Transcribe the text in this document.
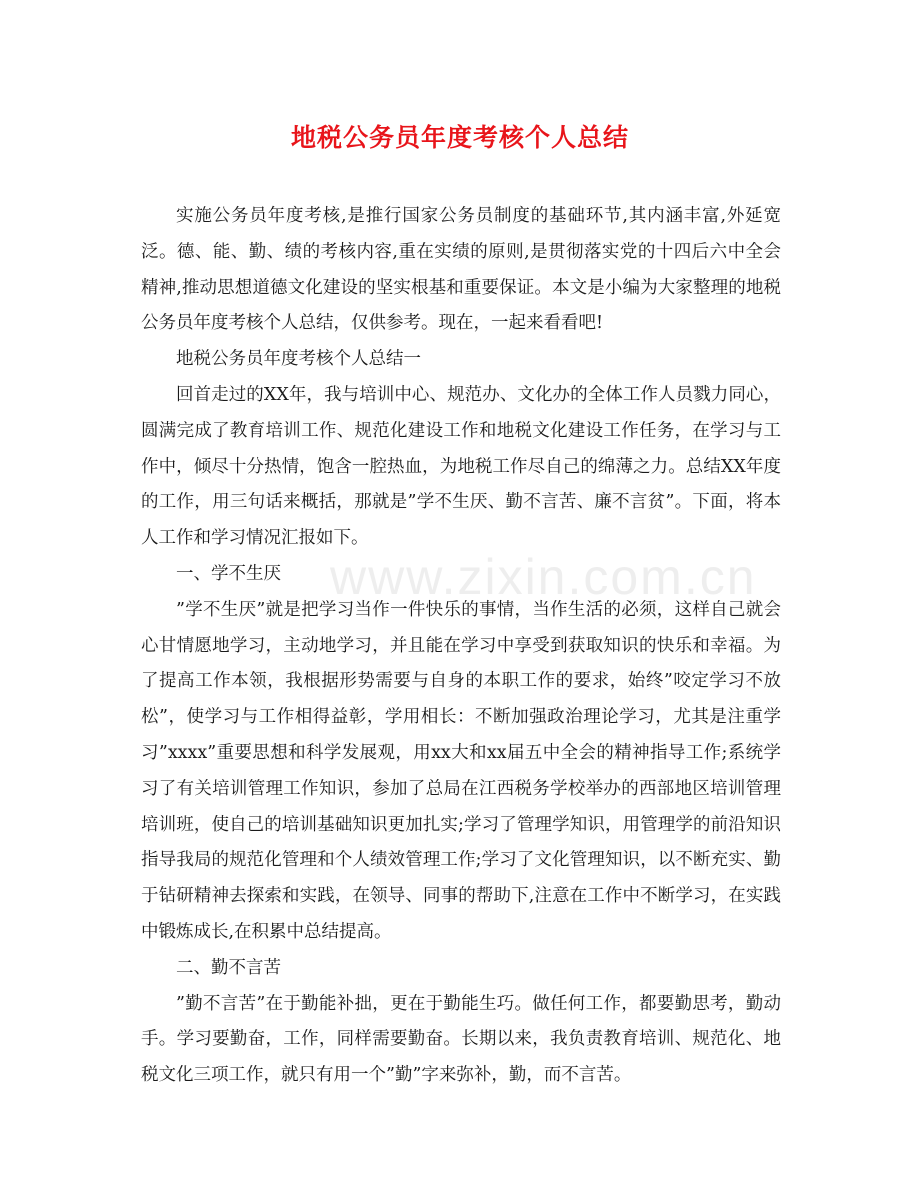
地税公务员年度考核个人总结
www.zixin.com.cn

实施公务员年度考核,是推行国家公务员制度的基础环节,其内涵丰富,外延宽泛。德、能、勤、绩的考核内容,重在实绩的原则,是贯彻落实党的十四后六中全会精神,推动思想道德文化建设的坚实根基和重要保证。本文是小编为大家整理的地税公务员年度考核个人总结，仅供参考。现在，一起来看看吧!

地税公务员年度考核个人总结一

回首走过的XX年，我与培训中心、规范办、文化办的全体工作人员戮力同心，圆满完成了教育培训工作、规范化建设工作和地税文化建设工作任务，在学习与工作中，倾尽十分热情，饱含一腔热血，为地税工作尽自己的绵薄之力。总结XX年度的工作，用三句话来概括，那就是”学不生厌、勤不言苦、廉不言贫”。下面，将本人工作和学习情况汇报如下。

一、学不生厌

”学不生厌”就是把学习当作一件快乐的事情，当作生活的必须，这样自己就会心甘情愿地学习，主动地学习，并且能在学习中享受到获取知识的快乐和幸福。为了提高工作本领，我根据形势需要与自身的本职工作的要求，始终”咬定学习不放松”，使学习与工作相得益彰，学用相长：不断加强政治理论学习，尤其是注重学习”xxxx”重要思想和科学发展观，用xx大和xx届五中全会的精神指导工作;系统学习了有关培训管理工作知识，参加了总局在江西税务学校举办的西部地区培训管理培训班，使自己的培训基础知识更加扎实;学习了管理学知识，用管理学的前沿知识指导我局的规范化管理和个人绩效管理工作;学习了文化管理知识，以不断充实、勤于钻研精神去探索和实践，在领导、同事的帮助下,注意在工作中不断学习，在实践中锻炼成长,在积累中总结提高。

二、勤不言苦

”勤不言苦”在于勤能补拙，更在于勤能生巧。做任何工作，都要勤思考，勤动手。学习要勤奋，工作，同样需要勤奋。长期以来，我负责教育培训、规范化、地税文化三项工作，就只有用一个”勤”字来弥补，勤，而不言苦。
